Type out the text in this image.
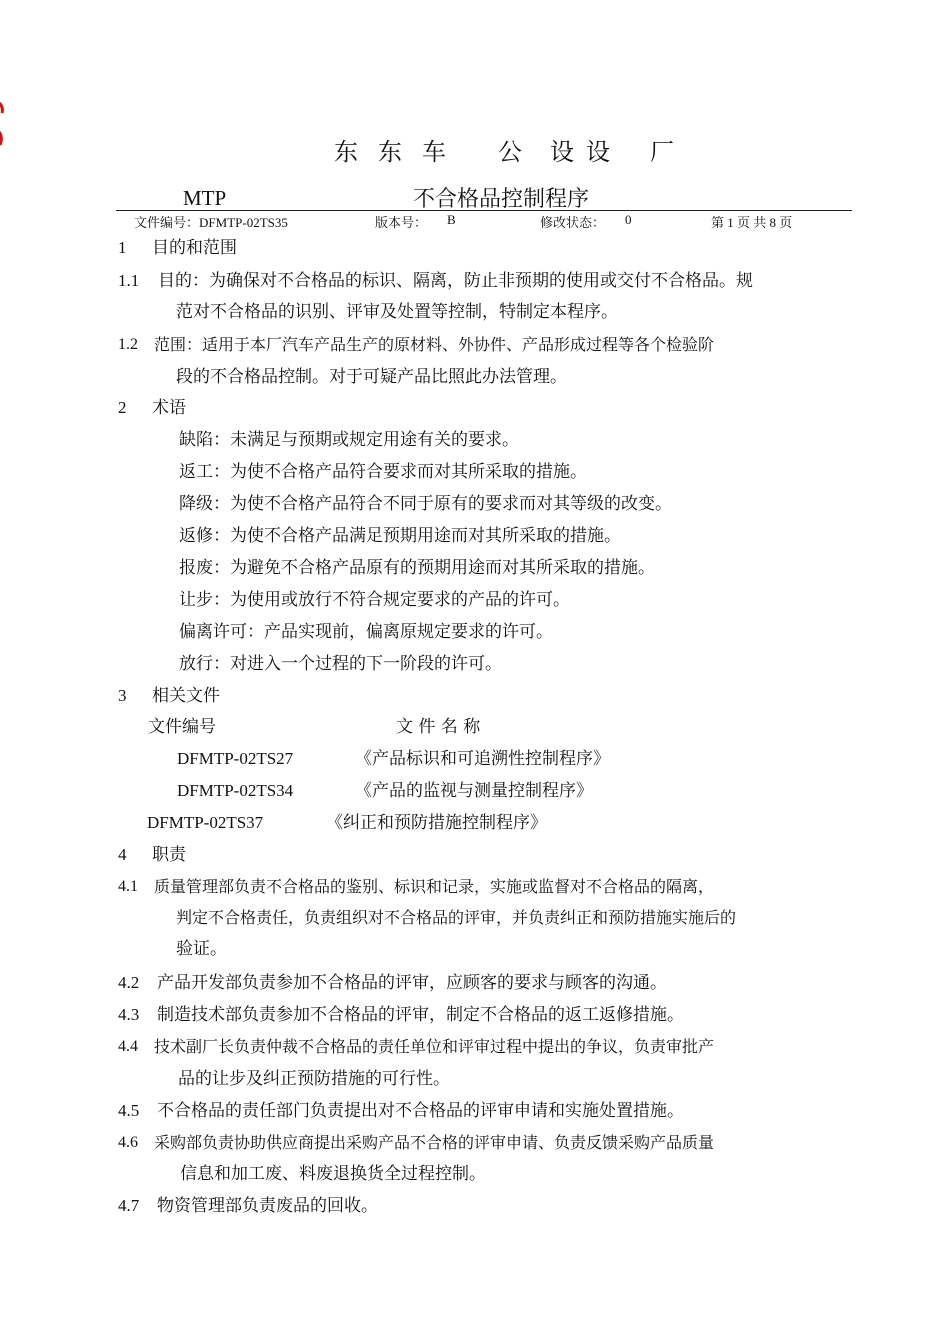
东 东 车 公 设 设 厂
MTP	不合格品控制程序
文件编号：DFMTP-02TS35	版本号： B	修改状态： 0	第 1 页 共 8 页
1 目的和范围
1.1 目的：为确保对不合格品的标识、隔离，防止非预期的使用或交付不合格品。规
范对不合格品的识别、评审及处置等控制，特制定本程序。
1.2 范围：适用于本厂汽车产品生产的原材料、外协件、产品形成过程等各个检验阶
段的不合格品控制。对于可疑产品比照此办法管理。
2 术语
缺陷：未满足与预期或规定用途有关的要求。
返工：为使不合格产品符合要求而对其所采取的措施。
降级：为使不合格产品符合不同于原有的要求而对其等级的改变。
返修：为使不合格产品满足预期用途而对其所采取的措施。
报废：为避免不合格产品原有的预期用途而对其所采取的措施。
让步：为使用或放行不符合规定要求的产品的许可。
偏离许可：产品实现前，偏离原规定要求的许可。
放行：对进入一个过程的下一阶段的许可。
3 相关文件
文件编号	文 件 名 称
DFMTP-02TS27	《产品标识和可追溯性控制程序》
DFMTP-02TS34	《产品的监视与测量控制程序》
DFMTP-02TS37	《纠正和预防措施控制程序》
4 职责
4.1 质量管理部负责不合格品的鉴别、标识和记录，实施或监督对不合格品的隔离，
判定不合格责任，负责组织对不合格品的评审，并负责纠正和预防措施实施后的
验证。
4.2 产品开发部负责参加不合格品的评审，应顾客的要求与顾客的沟通。
4.3 制造技术部负责参加不合格品的评审，制定不合格品的返工返修措施。
4.4 技术副厂长负责仲裁不合格品的责任单位和评审过程中提出的争议，负责审批产
品的让步及纠正预防措施的可行性。
4.5 不合格品的责任部门负责提出对不合格品的评审申请和实施处置措施。
4.6 采购部负责协助供应商提出采购产品不合格的评审申请、负责反馈采购产品质量
信息和加工废、料废退换货全过程控制。
4.7 物资管理部负责废品的回收。
